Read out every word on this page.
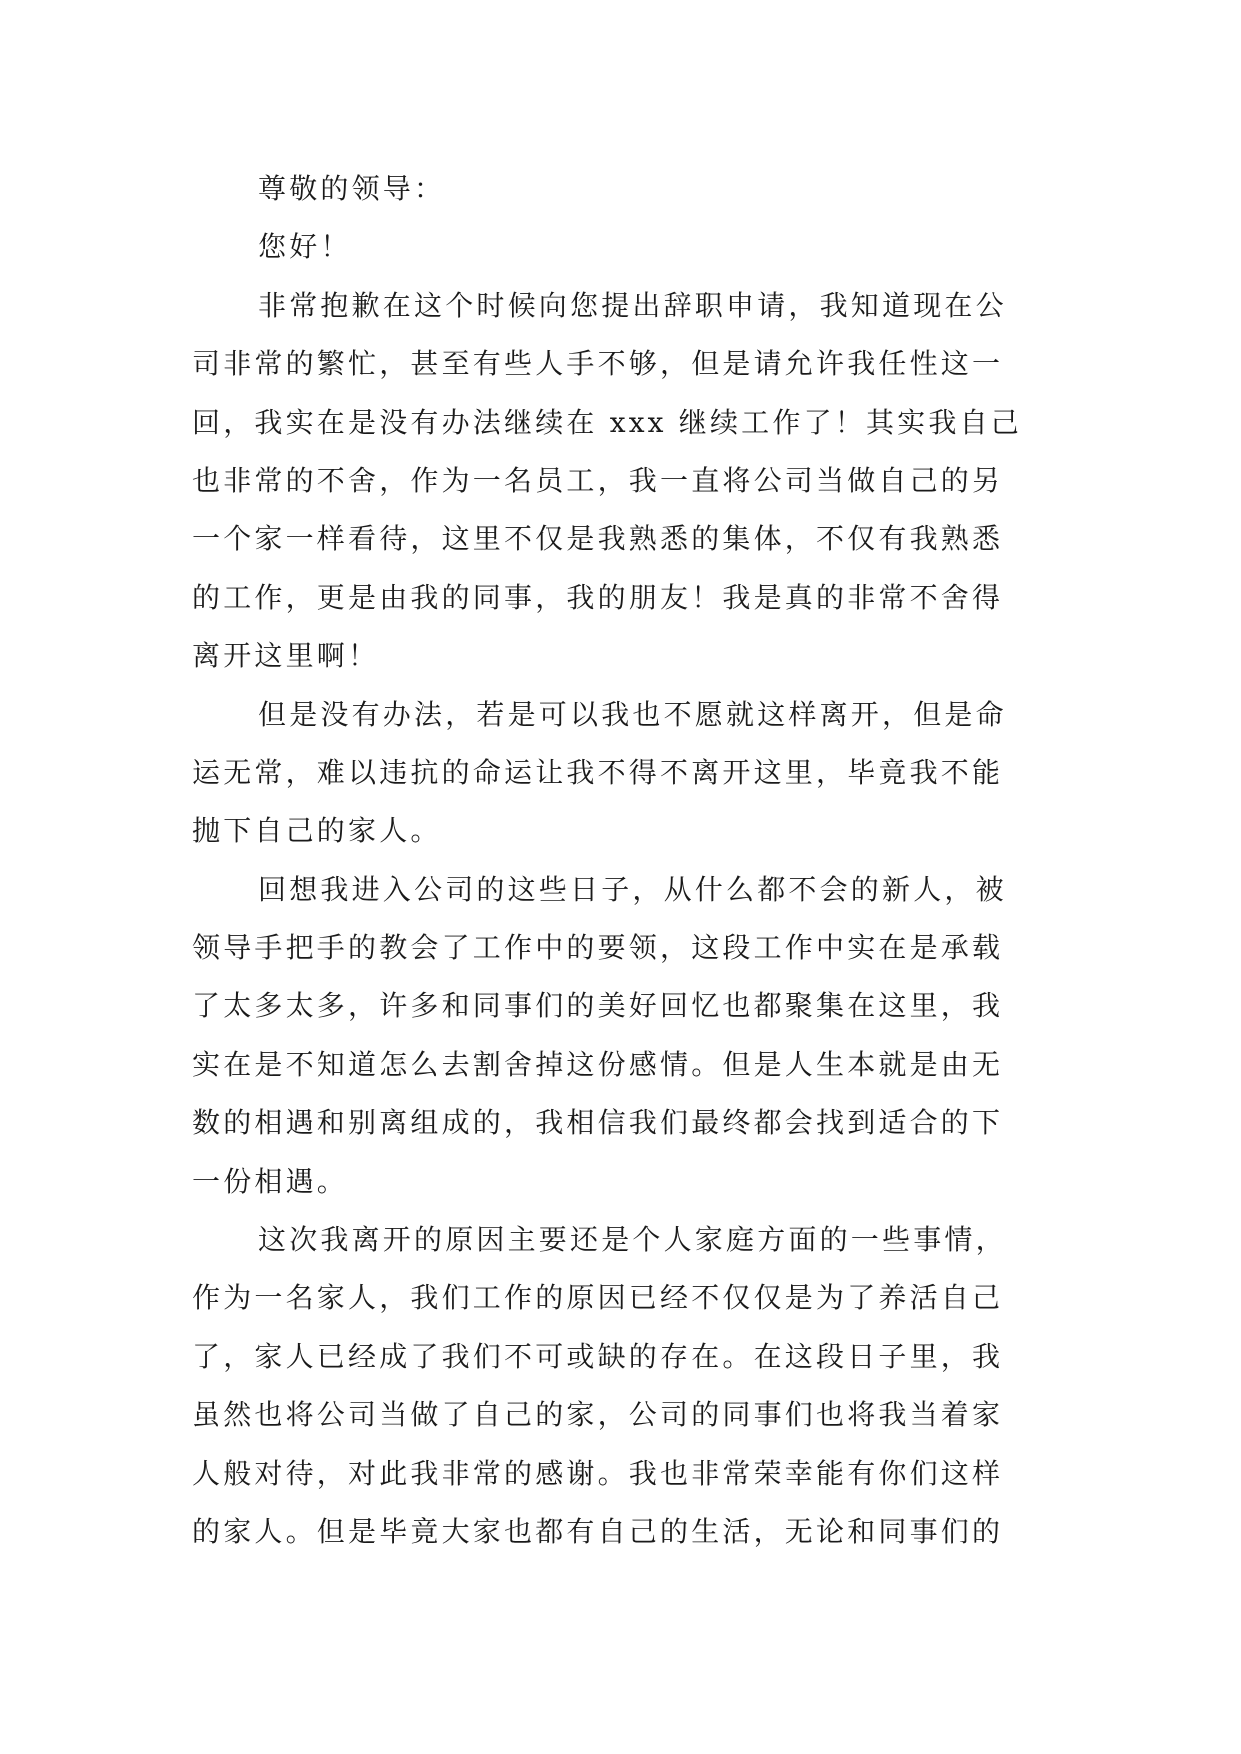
尊敬的领导：
您好！
非常抱歉在这个时候向您提出辞职申请，我知道现在公
司非常的繁忙，甚至有些人手不够，但是请允许我任性这一
回，我实在是没有办法继续在 xxx 继续工作了！其实我自己
也非常的不舍，作为一名员工，我一直将公司当做自己的另
一个家一样看待，这里不仅是我熟悉的集体，不仅有我熟悉
的工作，更是由我的同事，我的朋友！我是真的非常不舍得
离开这里啊！
但是没有办法，若是可以我也不愿就这样离开，但是命
运无常，难以违抗的命运让我不得不离开这里，毕竟我不能
抛下自己的家人。
回想我进入公司的这些日子，从什么都不会的新人，被
领导手把手的教会了工作中的要领，这段工作中实在是承载
了太多太多，许多和同事们的美好回忆也都聚集在这里，我
实在是不知道怎么去割舍掉这份感情。但是人生本就是由无
数的相遇和别离组成的，我相信我们最终都会找到适合的下
一份相遇。
这次我离开的原因主要还是个人家庭方面的一些事情，
作为一名家人，我们工作的原因已经不仅仅是为了养活自己
了，家人已经成了我们不可或缺的存在。在这段日子里，我
虽然也将公司当做了自己的家，公司的同事们也将我当着家
人般对待，对此我非常的感谢。我也非常荣幸能有你们这样
的家人。但是毕竟大家也都有自己的生活，无论和同事们的
